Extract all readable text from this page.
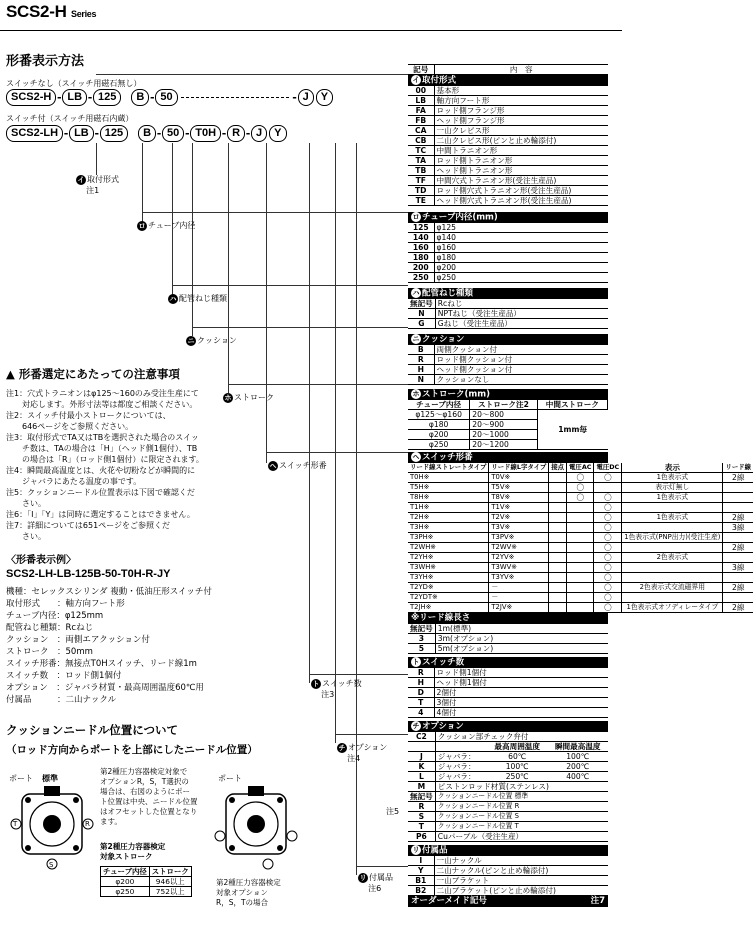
SCS2-H Series
形番表示方法
スイッチなし（スイッチ用磁石無し）
SCS2-H - LB - 125	B - 50	- J	Y
スイッチ付（スイッチ用磁石内蔵）
SCS2-LH - LB - 125	B - 50 - T0H - R - J	Y
イ 取付形式
注1
ロ チューブ内径
ハ 配管ねじ種類
ニ クッション
ホ ストローク
ヘ スイッチ形番
ト スイッチ数
注3
チ オプション
注4
リ 付属品
注6
▲ 形番選定にあたっての注意事項
注1：穴式トラニオンはφ125〜160のみ受注生産にて
　　対応します。外形寸法等は都度ご相談ください。
注2：スイッチ付最小ストロークについては、
　　646ページをご参照ください。
注3：取付形式でTA又はTBを選択された場合のスイッ
　　チ数は、TAの場合は「H」（ヘッド側1個付）、TB
　　の場合は「R」（ロッド側1個付）に限定されます。
注4：瞬間最高温度とは、火花や切粉などが瞬間的に
　　ジャバラにあたる温度の事です。
注5：クッションニードル位置表示は下図で確認くだ
　　さい。
注6：「I」「Y」は同時に選定することはできません。
注7：詳細については651ページをご参照くだ
　　さい。
〈形番表示例〉
SCS2-LH-LB-125B-50-T0H-R-JY
機種：セレックスシリンダ 複動・低油圧形スイッチ付
取付形式　　：軸方向フート形
チューブ内径：φ125mm
配管ねじ種類：Rcねじ
クッション　：両側エアクッション付
ストローク　：50mm
スイッチ形番：無接点T0Hスイッチ、リード線1m
スイッチ数　：ロッド側1個付
オプション　：ジャバラ材質・最高周囲温度60℃用
付属品　　　：二山ナックル
クッションニードル位置について
（ロッド方向からポートを上部にしたニードル位置）
ポート 標準
T	R
S
第2種圧力容器検定対象で
オプションR，S，T選択の
場合は、右図のようにポー
ト位置は中央、ニードル位置
はオフセットした位置となり
ます。
第2種圧力容器検定
対象ストローク
チューブ内径	ストローク
φ200	946以上
φ250	752以上
ポート
第2種圧力容器検定
対象オプション
R，S，Tの場合
記号	内　容
イ 取付形式
00	基本形
LB	軸方向フート形
FA	ロッド側フランジ形
FB	ヘッド側フランジ形
CA	一山クレビス形
CB	二山クレビス形(ピンと止め輪添付)
TC	中間トラニオン形
TA	ロッド側トラニオン形
TB	ヘッド側トラニオン形
TF	中間穴式トラニオン形(受注生産品)
TD	ロッド側穴式トラニオン形(受注生産品)
TE	ヘッド側穴式トラニオン形(受注生産品)
ロ チューブ内径(mm)
125	φ125
140	φ140
160	φ160
180	φ180
200	φ200
250	φ250
ハ 配管ねじ種類
無記号	Rcねじ
N	NPTねじ（受注生産品）
G	Gねじ（受注生産品）
ニ クッション
B	両側クッション付
R	ロッド側クッション付
H	ヘッド側クッション付
N	クッションなし
ホ ストローク(mm)
チューブ内径	ストローク注2	中間ストローク
φ125〜φ160	20〜800	1mm毎
φ180	20〜900	
φ200	20〜1000	
φ250	20〜1200	
ヘ スイッチ形番
リード線ストレートタイプ	リード線L字タイプ	接点	電圧AC	電圧DC	表示	リード線
T0H※	T0V※		〇	〇	1色表示式	2線
T5H※	T5V※		〇		表示灯無し	
T8H※	T8V※		〇	〇	1色表示式	
T1H※	T1V※			〇		
T2H※	T2V※			〇	1色表示式	2線
T3H※	T3V※			〇		3線
T3PH※	T3PV※			〇	1色表示式(PNP出力)(受注生産)	
T2WH※	T2WV※			〇		2線
T2YH※	T2YV※			〇	2色表示式	
T3WH※	T3WV※			〇		3線
T3YH※	T3YV※			〇		
T2YD※	－			〇	2色表示式交流磁界用	2線
T2YDT※	－			〇		
T2JH※	T2JV※			〇	1色表示式オフディレータイプ	2線
※リード線長さ
無記号	1m(標準)
3	3m(オプション)
5	5m(オプション)
ト スイッチ数
R	ロッド側1個付
H	ヘッド側1個付
D	2個付
T	3個付
4	4個付
チ オプション
C2	クッション部チェック弁付		
		最高周囲温度	瞬間最高温度
J	ジャバラ：	60℃	100℃
K	ジャバラ：	100℃	200℃
L	ジャバラ：	250℃	400℃
M	ピストンロッド材質(ステンレス)		
無記号	クッションニードル位置 標準		
R	クッションニードル位置 R		
S	クッションニードル位置 S		
T	クッションニードル位置 T		
P6	Cuパーブル（受注生産）		
リ 付属品
I	一山ナックル
Y	二山ナックル(ピンと止め輪添付)
B1	一山ブラケット
B2	二山ブラケット(ピンと止め輪添付)
オーダーメイド記号	注7
注5
